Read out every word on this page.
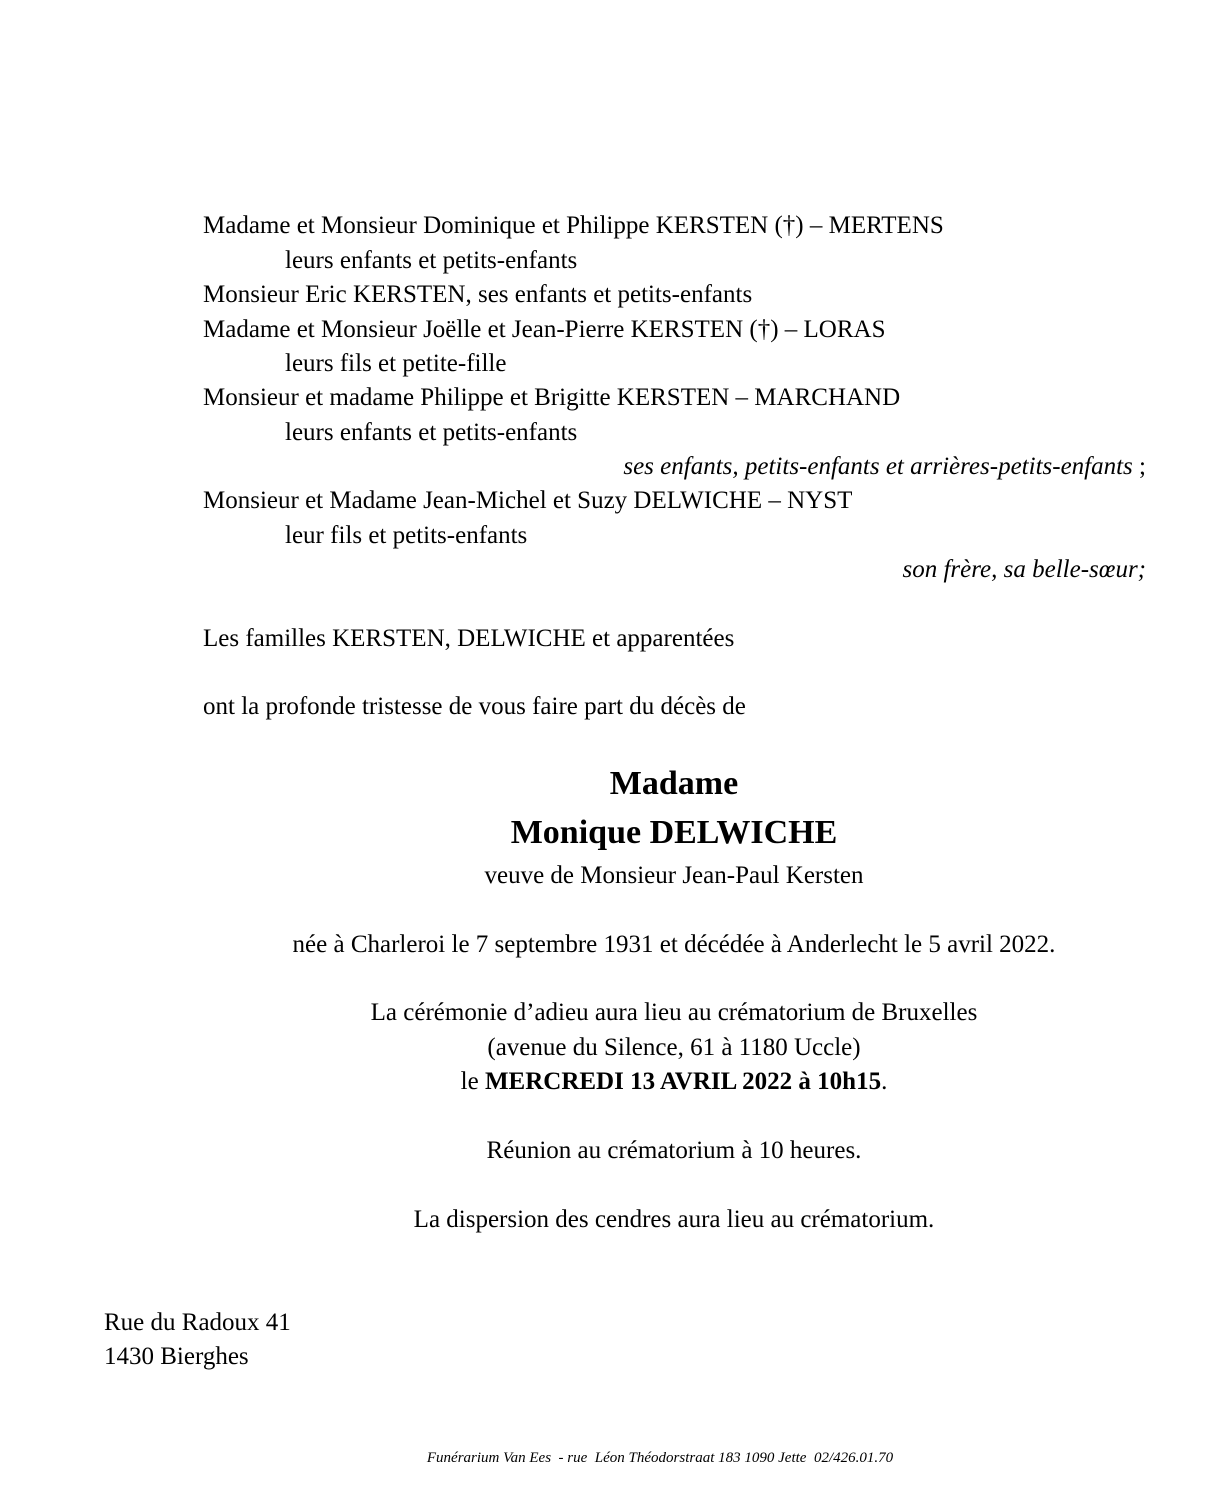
Madame et Monsieur Dominique et Philippe KERSTEN (†) – MERTENS
leurs enfants et petits-enfants
Monsieur Eric KERSTEN, ses enfants et petits-enfants
Madame et Monsieur Joëlle et Jean-Pierre KERSTEN (†) – LORAS
leurs fils et petite-fille
Monsieur et madame Philippe et Brigitte KERSTEN – MARCHAND
leurs enfants et petits-enfants
ses enfants, petits-enfants et arrières-petits-enfants ;
Monsieur et Madame Jean-Michel et Suzy DELWICHE – NYST
leur fils et petits-enfants
son frère, sa belle-sœur;
Les familles KERSTEN, DELWICHE et apparentées
ont la profonde tristesse de vous faire part du décès de
Madame
Monique DELWICHE
veuve de Monsieur Jean-Paul Kersten
née à Charleroi le 7 septembre 1931 et décédée à Anderlecht le 5 avril 2022.
La cérémonie d’adieu aura lieu au crématorium de Bruxelles
(avenue du Silence, 61 à 1180 Uccle)
le MERCREDI 13 AVRIL 2022 à 10h15.
Réunion au crématorium à 10 heures.
La dispersion des cendres aura lieu au crématorium.
Rue du Radoux 41
1430 Bierghes
Funérarium Van Ees  - rue  Léon Théodorstraat 183 1090 Jette  02/426.01.70
